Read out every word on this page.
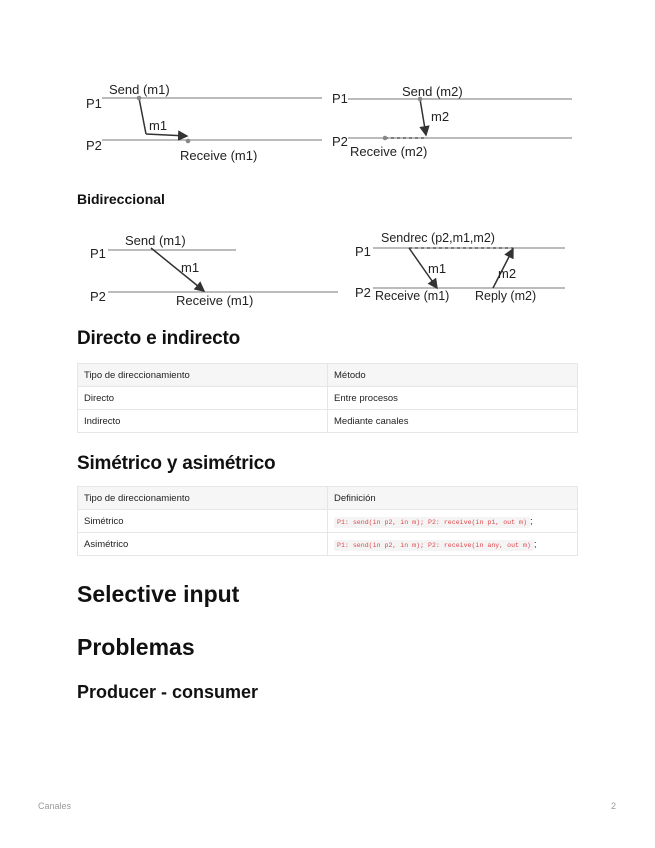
P1
P2
Send (m1)
m1
Receive (m1)
P1
P2
Send (m2)
m2
Receive (m2)
Bidireccional
P1
P2
Send (m1)
m1
Receive (m1)
P1
P2
Sendrec (p2,m1,m2)
m1	m2
Receive (m1) Reply (m2)
Directo e indirecto
Tipo de direccionamiento	Método
Directo	Entre procesos
Indirecto	Mediante canales
Simétrico y asimétrico
Tipo de direccionamiento	Definición
Simétrico	P1: send(in p2, in m); P2: receive(in p1, out m) ;
Asimétrico	P1: send(in p2, in m); P2: receive(in any, out m) ;
Selective input
Problemas
Producer - consumer
Canales	2
